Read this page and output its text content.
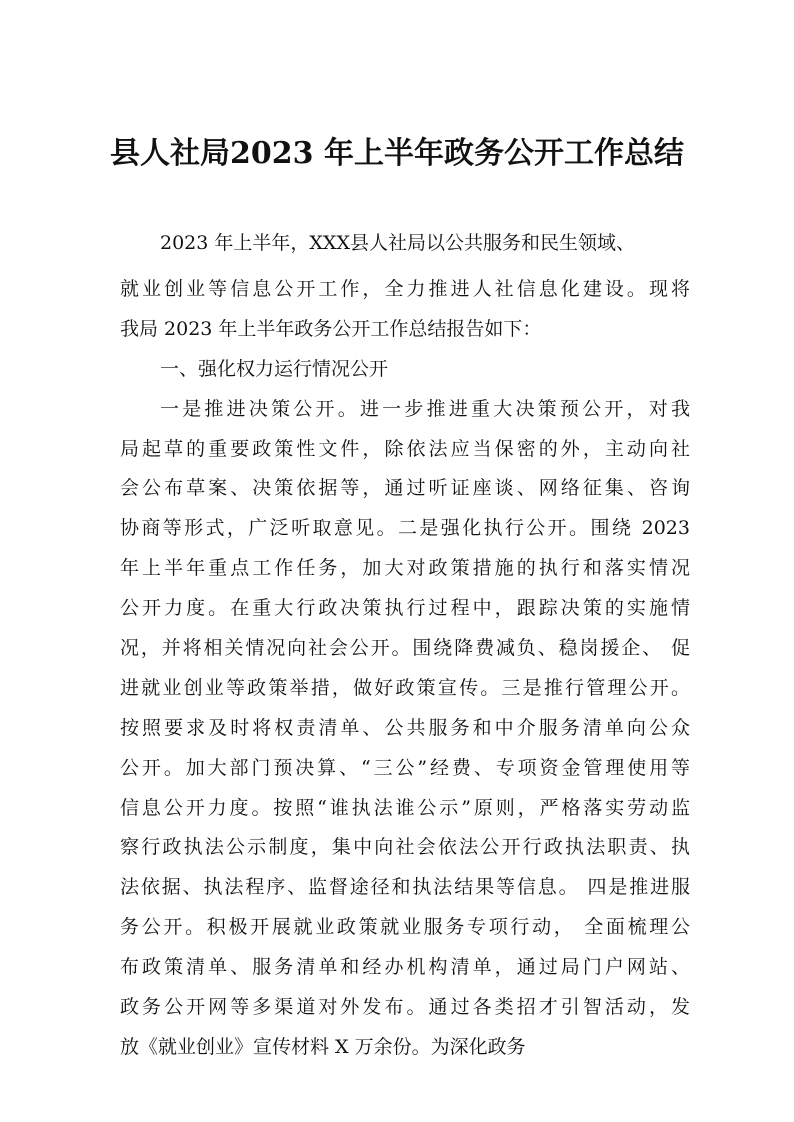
县人社局2023 年上半年政务公开工作总结
2023 年上半年，XXX县人社局以公共服务和民生领域、
就业创业等信息公开工作，全力推进人社信息化建设。现将
我局 2023 年上半年政务公开工作总结报告如下：
一、强化权力运行情况公开
一是推进决策公开。进一步推进重大决策预公开，对我
局起草的重要政策性文件，除依法应当保密的外，主动向社
会公布草案、决策依据等，通过听证座谈、网络征集、咨询
协商等形式，广泛听取意见。二是强化执行公开。围绕 2023
年上半年重点工作任务，加大对政策措施的执行和落实情况
公开力度。在重大行政决策执行过程中，跟踪决策的实施情
况，并将相关情况向社会公开。围绕降费减负、稳岗援企、 促
进就业创业等政策举措，做好政策宣传。三是推行管理公开。
按照要求及时将权责清单、公共服务和中介服务清单向公众
公开。加大部门预决算、“三公”经费、专项资金管理使用等
信息公开力度。按照“谁执法谁公示”原则，严格落实劳动监
察行政执法公示制度，集中向社会依法公开行政执法职责、执
法依据、执法程序、监督途径和执法结果等信息。 四是推进服
务公开。积极开展就业政策就业服务专项行动， 全面梳理公
布政策清单、服务清单和经办机构清单，通过局门户网站、
政务公开网等多渠道对外发布。通过各类招才引智活动，发
放《就业创业》宣传材料 X 万余份。为深化政务
